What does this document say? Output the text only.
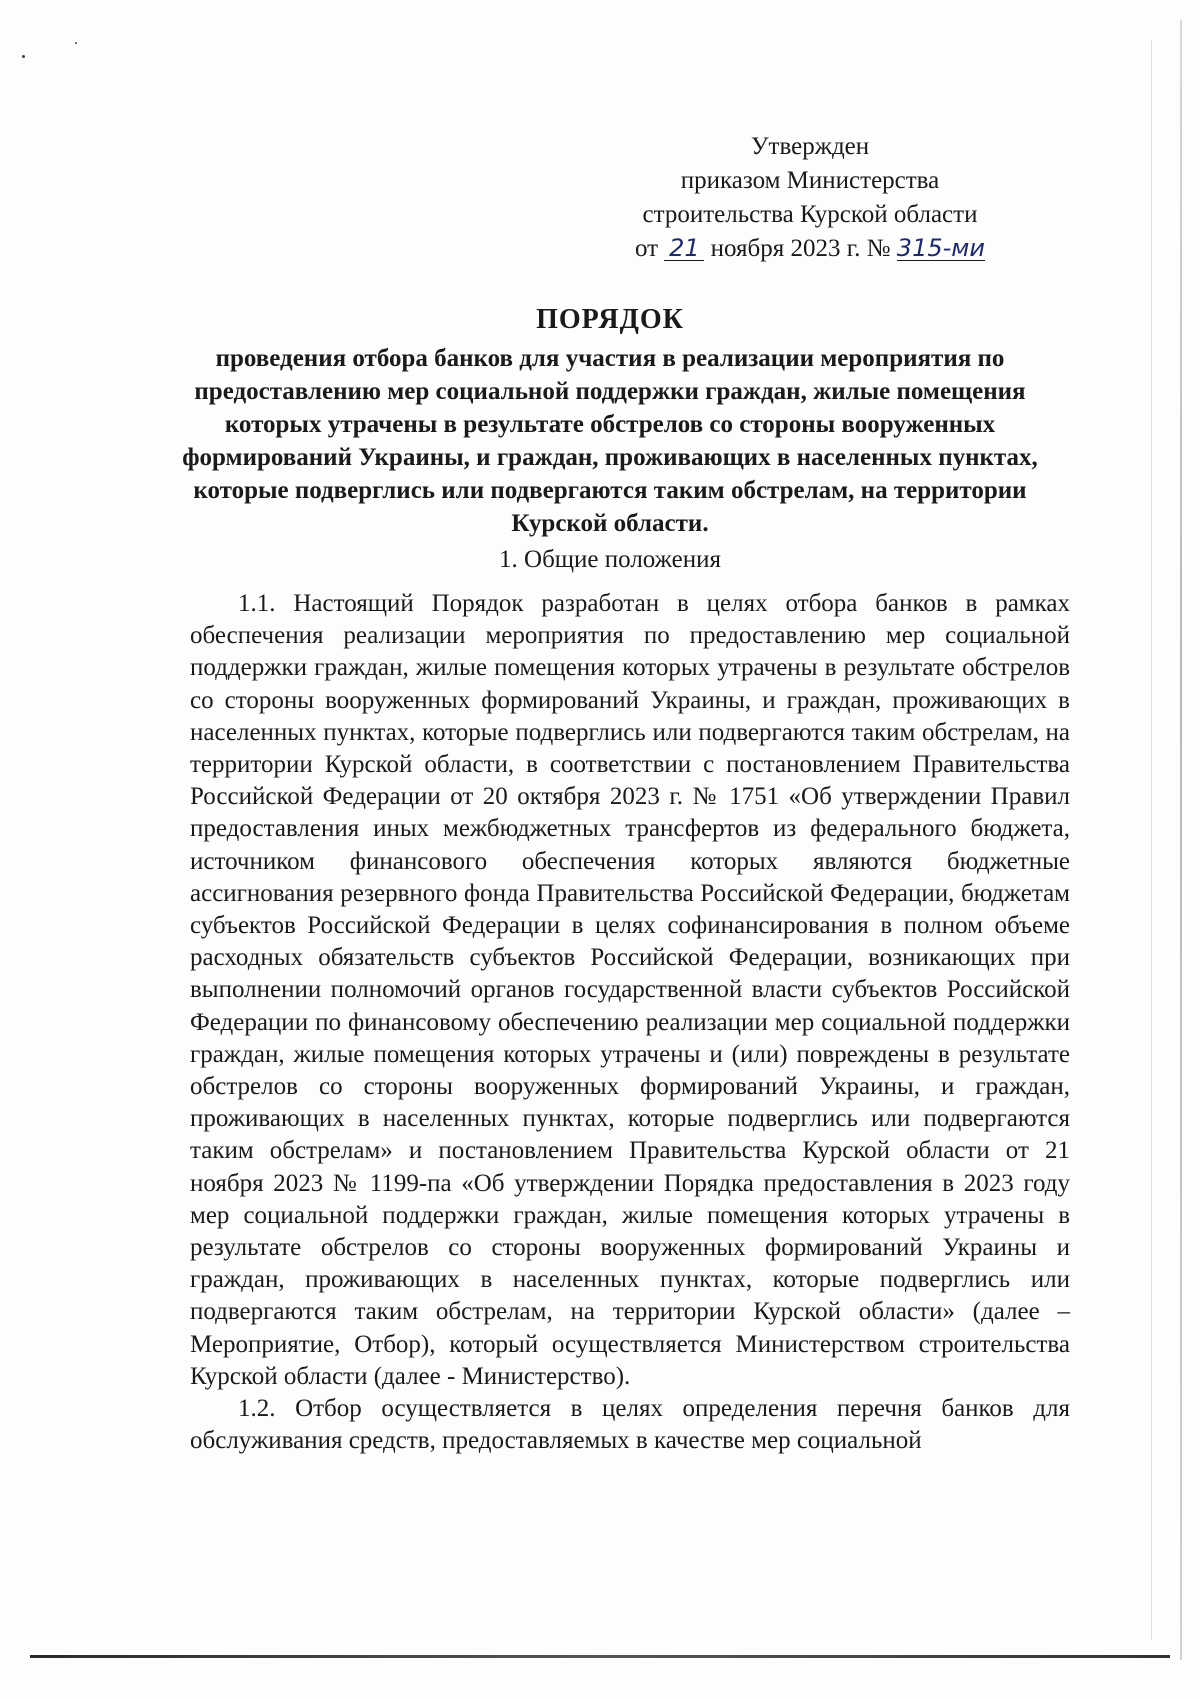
Утвержден
приказом Министерства
строительства Курской области
от 21 ноября 2023 г. № 315-ми
ПОРЯДОК
проведения отбора банков для участия в реализации мероприятия по предоставлению мер социальной поддержки граждан, жилые помещения которых утрачены в результате обстрелов со стороны вооруженных формирований Украины, и граждан, проживающих в населенных пунктах, которые подверглись или подвергаются таким обстрелам, на территории Курской области.
1. Общие положения

1.1. Настоящий Порядок разработан в целях отбора банков в рамках обеспечения реализации мероприятия по предоставлению мер социальной поддержки граждан, жилые помещения которых утрачены в результате обстрелов со стороны вооруженных формирований Украины, и граждан, проживающих в населенных пунктах, которые подверглись или подвергаются таким обстрелам, на территории Курской области, в соответствии с постановлением Правительства Российской Федерации от 20 октября 2023 г. № 1751 «Об утверждении Правил предоставления иных межбюджетных трансфертов из федерального бюджета, источником финансового обеспечения которых являются бюджетные ассигнования резервного фонда Правительства Российской Федерации, бюджетам субъектов Российской Федерации в целях софинансирования в полном объеме расходных обязательств субъектов Российской Федерации, возникающих при выполнении полномочий органов государственной власти субъектов Российской Федерации по финансовому обеспечению реализации мер социальной поддержки граждан, жилые помещения которых утрачены и (или) повреждены в результате обстрелов со стороны вооруженных формирований Украины, и граждан, проживающих в населенных пунктах, которые подверглись или подвергаются таким обстрелам» и постановлением Правительства Курской области от 21 ноября 2023 № 1199-па «Об утверждении Порядка предоставления в 2023 году мер социальной поддержки граждан, жилые помещения которых утрачены в результате обстрелов со стороны вооруженных формирований Украины и граждан, проживающих в населенных пунктах, которые подверглись или подвергаются таким обстрелам, на территории Курской области» (далее – Мероприятие, Отбор), который осуществляется Министерством строительства Курской области (далее - Министерство).

1.2. Отбор осуществляется в целях определения перечня банков для обслуживания средств, предоставляемых в качестве мер социальной
